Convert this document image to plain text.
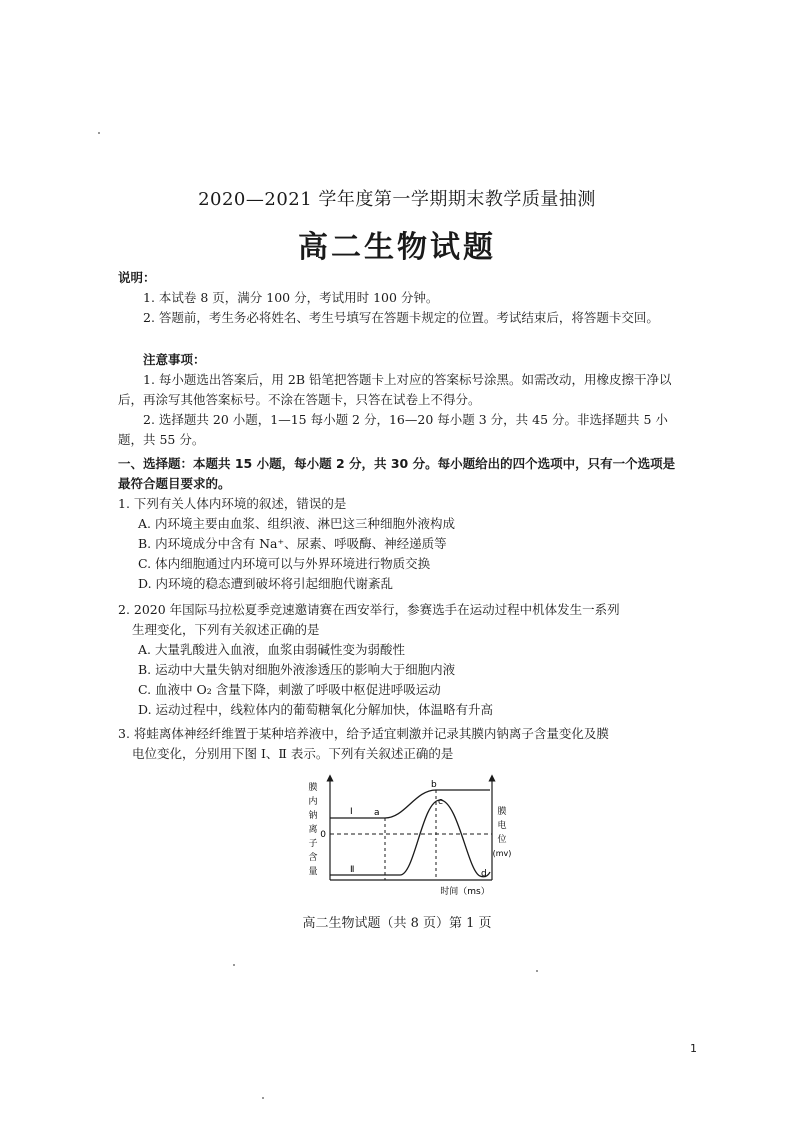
2020—2021 学年度第一学期期末教学质量抽测
高二生物试题
说明：
1. 本试卷 8 页，满分 100 分，考试用时 100 分钟。
2. 答题前，考生务必将姓名、考生号填写在答题卡规定的位置。考试结束后，将答题卡交回。
注意事项：
1. 每小题选出答案后，用 2B 铅笔把答题卡上对应的答案标号涂黑。如需改动，用橡皮擦干净以后，再涂写其他答案标号。不涂在答题卡，只答在试卷上不得分。
2. 选择题共 20 小题，1—15 每小题 2 分，16—20 每小题 3 分，共 45 分。非选择题共 5 小题，共 55 分。
一、选择题：本题共 15 小题，每小题 2 分，共 30 分。每小题给出的四个选项中，只有一个选项是最符合题目要求的。
1. 下列有关人体内环境的叙述，错误的是
A. 内环境主要由血浆、组织液、淋巴这三种细胞外液构成
B. 内环境成分中含有 Na⁺、尿素、呼吸酶、神经递质等
C. 体内细胞通过内环境可以与外界环境进行物质交换
D. 内环境的稳态遭到破坏将引起细胞代谢紊乱
2. 2020 年国际马拉松夏季竞速邀请赛在西安举行，参赛选手在运动过程中机体发生一系列
生理变化，下列有关叙述正确的是
A. 大量乳酸进入血液，血浆由弱碱性变为弱酸性
B. 运动中大量失钠对细胞外液渗透压的影响大于细胞内液
C. 血液中 O₂ 含量下降，刺激了呼吸中枢促进呼吸运动
D. 运动过程中，线粒体内的葡萄糖氧化分解加快，体温略有升高
3. 将蛙离体神经纤维置于某种培养液中，给予适宜刺激并记录其膜内钠离子含量变化及膜
电位变化，分别用下图 Ⅰ、Ⅱ 表示。下列有关叙述正确的是
膜
内
钠
离
子
含
量
膜
电
位
(mv)
0
Ⅰ
Ⅱ
a
b
c
d
时间（ms）
高二生物试题（共 8 页）第 1 页
1
